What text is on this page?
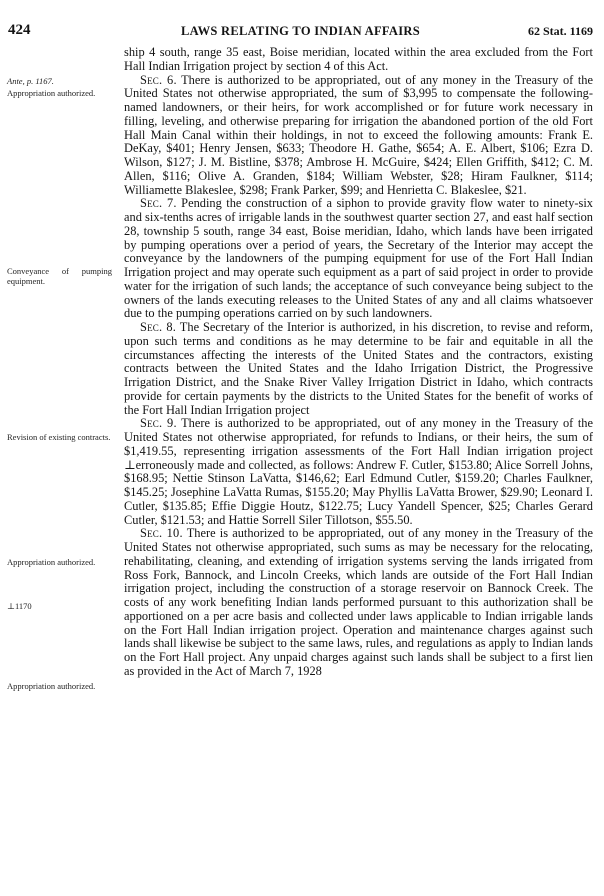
424	LAWS RELATING TO INDIAN AFFAIRS	62 Stat. 1169
Ante, p. 1167.
Appropriation authorized.
Conveyance of pumping equipment.
Revision of existing contracts.
Appropriation authorized.
⊥1170
Appropriation authorized.

ship 4 south, range 35 east, Boise meridian, located within the area excluded from the Fort Hall Indian Irrigation project by section 4 of this Act.

Sec. 6. There is authorized to be appropriated, out of any money in the Treasury of the United States not otherwise appropriated, the sum of $3,995 to compensate the following-named landowners, or their heirs, for work accomplished or for future work necessary in filling, leveling, and otherwise preparing for irrigation the abandoned portion of the old Fort Hall Main Canal within their holdings, in not to exceed the following amounts: Frank E. DeKay, $401; Henry Jensen, $633; Theodore H. Gathe, $654; A. E. Albert, $106; Ezra D. Wilson, $127; J. M. Bistline, $378; Ambrose H. McGuire, $424; Ellen Griffith, $412; C. M. Allen, $116; Olive A. Granden, $184; William Webster, $28; Hiram Faulkner, $114; Williamette Blakeslee, $298; Frank Parker, $99; and Henrietta C. Blakeslee, $21.

Sec. 7. Pending the construction of a siphon to provide gravity flow water to ninety-six and six-tenths acres of irrigable lands in the southwest quarter section 27, and east half section 28, township 5 south, range 34 east, Boise meridian, Idaho, which lands have been irrigated by pumping operations over a period of years, the Secretary of the Interior may accept the conveyance by the landowners of the pumping equipment for use of the Fort Hall Indian Irrigation project and may operate such equipment as a part of said project in order to provide water for the irrigation of such lands; the acceptance of such conveyance being subject to the owners of the lands executing releases to the United States of any and all claims whatsoever due to the pumping operations carried on by such landowners.

Sec. 8. The Secretary of the Interior is authorized, in his discretion, to revise and reform, upon such terms and conditions as he may determine to be fair and equitable in all the circumstances affecting the interests of the United States and the contractors, existing contracts between the United States and the Idaho Irrigation District, the Progressive Irrigation District, and the Snake River Valley Irrigation District in Idaho, which contracts provide for certain payments by the districts to the United States for the benefit of works of the Fort Hall Indian Irrigation project

Sec. 9. There is authorized to be appropriated, out of any money in the Treasury of the United States not otherwise appropriated, for refunds to Indians, or their heirs, the sum of $1,419.55, representing irrigation assessments of the Fort Hall Indian irrigation project ⊥erroneously made and collected, as follows: Andrew F. Cutler, $153.80; Alice Sorrell Johns, $168.95; Nettie Stinson LaVatta, $146,62; Earl Edmund Cutler, $159.20; Charles Faulkner, $145.25; Josephine LaVatta Rumas, $155.20; May Phyllis LaVatta Brower, $29.90; Leonard I. Cutler, $135.85; Effie Diggie Houtz, $122.75; Lucy Yandell Spencer, $25; Charles Gerard Cutler, $121.53; and Hattie Sorrell Siler Tillotson, $55.50.

Sec. 10. There is authorized to be appropriated, out of any money in the Treasury of the United States not otherwise appropriated, such sums as may be necessary for the relocating, rehabilitating, cleaning, and extending of irrigation systems serving the lands irrigated from Ross Fork, Bannock, and Lincoln Creeks, which lands are outside of the Fort Hall Indian irrigation project, including the construction of a storage reservoir on Bannock Creek. The costs of any work benefiting Indian lands performed pursuant to this authorization shall be apportioned on a per acre basis and collected under laws applicable to Indian irrigable lands on the Fort Hall Indian irrigation project. Operation and maintenance charges against such lands shall likewise be subject to the same laws, rules, and regulations as apply to Indian lands on the Fort Hall project. Any unpaid charges against such lands shall be subject to a first lien as provided in the Act of March 7, 1928
